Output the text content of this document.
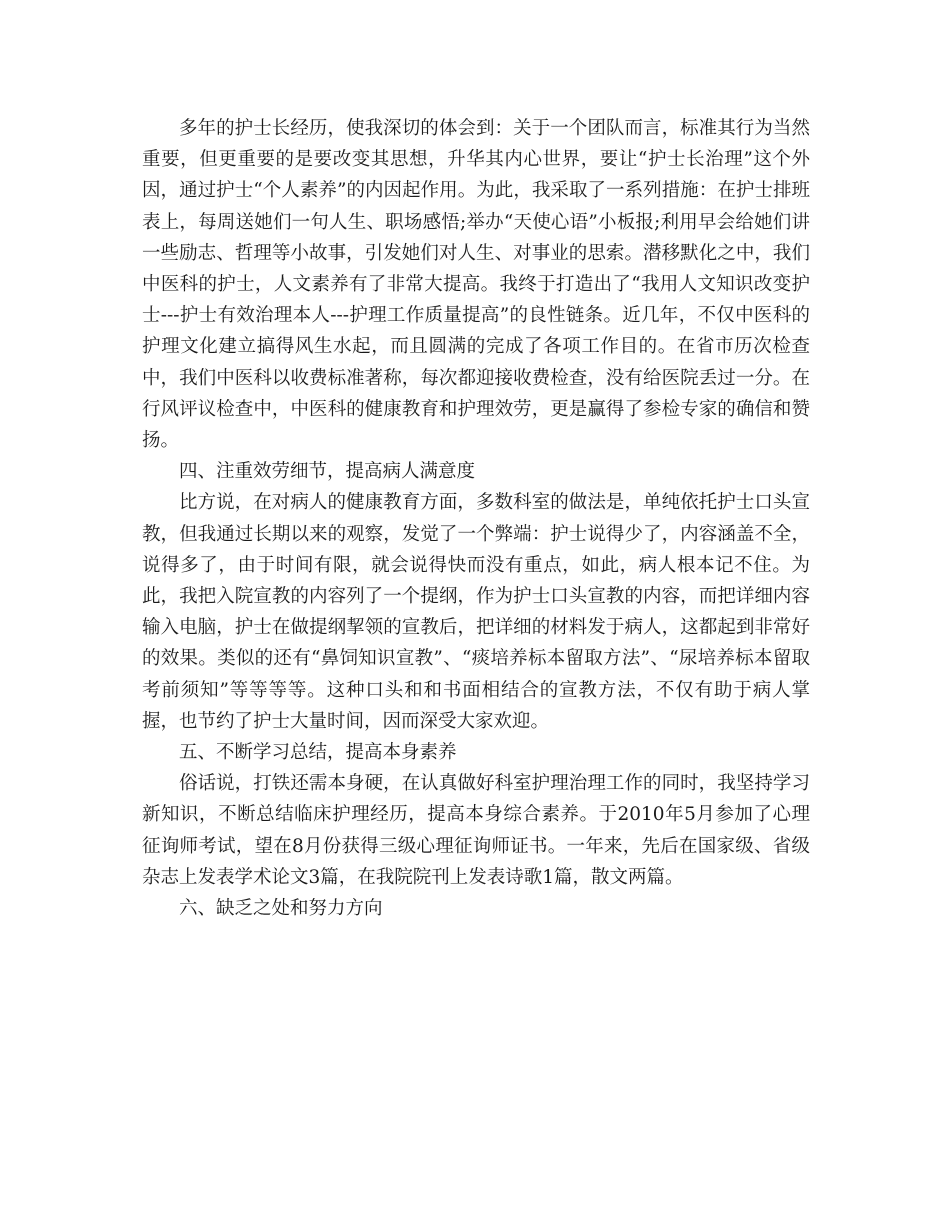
多年的护士长经历，使我深切的体会到：关于一个团队而言，标准其行为当然重要，但更重要的是要改变其思想，升华其内心世界，要让“护士长治理”这个外因，通过护士“个人素养”的内因起作用。为此，我采取了一系列措施：在护士排班表上，每周送她们一句人生、职场感悟;举办“天使心语”小板报;利用早会给她们讲一些励志、哲理等小故事，引发她们对人生、对事业的思索。潜移默化之中，我们中医科的护士，人文素养有了非常大提高。我终于打造出了“我用人文知识改变护士---护士有效治理本人---护理工作质量提高”的良性链条。近几年，不仅中医科的护理文化建立搞得风生水起，而且圆满的完成了各项工作目的。在省市历次检查中，我们中医科以收费标准著称，每次都迎接收费检查，没有给医院丢过一分。在行风评议检查中，中医科的健康教育和护理效劳，更是赢得了参检专家的确信和赞扬。

四、注重效劳细节，提高病人满意度

比方说，在对病人的健康教育方面，多数科室的做法是，单纯依托护士口头宣教，但我通过长期以来的观察，发觉了一个弊端：护士说得少了，内容涵盖不全，说得多了，由于时间有限，就会说得快而没有重点，如此，病人根本记不住。为此，我把入院宣教的内容列了一个提纲，作为护士口头宣教的内容，而把详细内容输入电脑，护士在做提纲挈领的宣教后，把详细的材料发于病人，这都起到非常好的效果。类似的还有“鼻饲知识宣教”、“痰培养标本留取方法”、“尿培养标本留取考前须知”等等等等。这种口头和和书面相结合的宣教方法，不仅有助于病人掌握，也节约了护士大量时间，因而深受大家欢迎。

五、不断学习总结，提高本身素养

俗话说，打铁还需本身硬，在认真做好科室护理治理工作的同时，我坚持学习新知识，不断总结临床护理经历，提高本身综合素养。于2010年5月参加了心理征询师考试，望在8月份获得三级心理征询师证书。一年来，先后在国家级、省级杂志上发表学术论文3篇，在我院院刊上发表诗歌1篇，散文两篇。

六、缺乏之处和努力方向
